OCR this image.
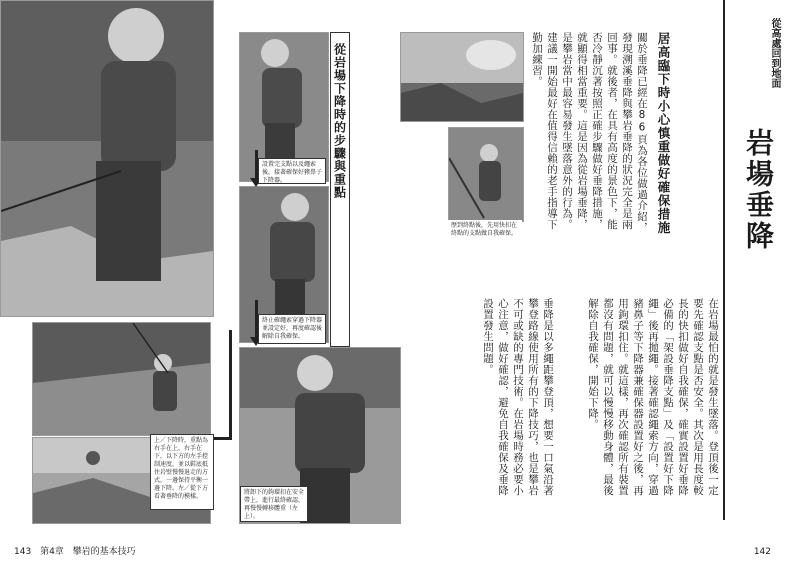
從岩場下降時的步驟與重點
設置完支點以及繩索後，接著確保好豬鼻子下降器。
終止確繩索穿過下降器並設定好，再度確認後解除自我確保。
將卸下的鉤環扣在安全帶上，進行最終確認，再慢慢轉移體重（左上）。
上／下降時，重點為右手在上，右手在下，以下方的左手控制速度，並以鞋底抵住岩壁慢慢退走的方式，一邊保持平衡一邊下降。左／從下方看著垂降的模樣。
歷到終點後，先用快扣在終點的支點做自我確保。	居高臨下時小心慎重做好確保措施
關於垂降已經在86頁為各位做過介紹，發現溯溪垂降與攀岩垂降的狀況完全是兩回事。就後者，在具有高度的景色下，能否冷靜沉著按照正確步驟做好垂降措施，就顯得相當重要。這是因為從岩場垂降，是攀岩當中最容易發生墜落意外的行為。建議一開始最好在值得信賴的老手指導下勤加練習。	從高處回到地面
岩場垂降
在岩場最怕的就是發生墜落。登頂後一定要先確認支點是否安全。其次是用長度較長的快扣做好自我確保，確實設置好垂降必備的「架設垂降支點」及「設置好下降繩」後再拋繩。接著確認繩索方向，穿過豬鼻子等下降器兼確保器設置好之後，再用鉤環扣住。就這樣，再次確認所有裝置都沒有問題，就可以慢慢移動身體，最後解除自我確保，開始下降。
垂降是以多繩距攀登頂，想要一口氣沿著攀登路線使用所有的下降技巧，也是攀岩不可或缺的專門技術。在岩場時務必要小心注意，做好確認，避免自我確保及垂降設置發生問題。
143 第4章 攀岩的基本技巧	142
